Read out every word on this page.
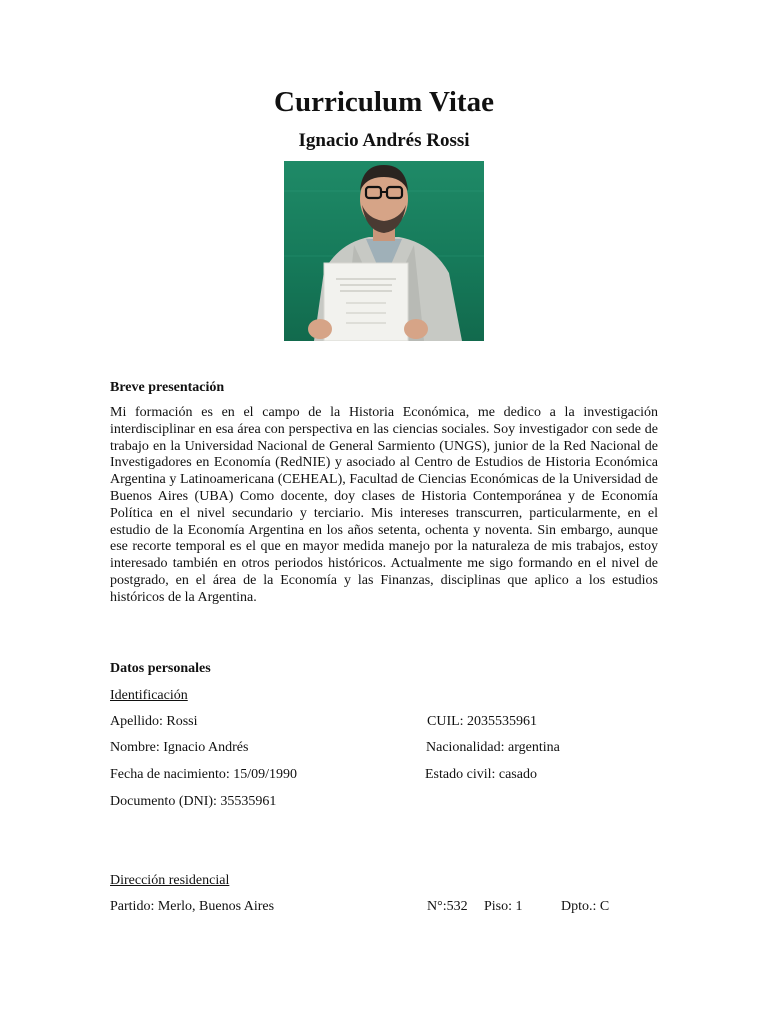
Curriculum Vitae
Ignacio Andrés Rossi
Breve presentación

Mi formación es en el campo de la Historia Económica, me dedico a la investigación interdisciplinar en esa área con perspectiva en las ciencias sociales. Soy investigador con sede de trabajo en la Universidad Nacional de General Sarmiento (UNGS), junior de la Red Nacional de Investigadores en Economía (RedNIE) y asociado al Centro de Estudios de Historia Económica Argentina y Latinoamericana (CEHEAL), Facultad de Ciencias Económicas de la Universidad de Buenos Aires (UBA) Como docente, doy clases de Historia Contemporánea y de Economía Política en el nivel secundario y terciario. Mis intereses transcurren, particularmente, en el estudio de la Economía Argentina en los años setenta, ochenta y noventa. Sin embargo, aunque ese recorte temporal es el que en mayor medida manejo por la naturaleza de mis trabajos, estoy interesado también en otros periodos históricos. Actualmente me sigo formando en el nivel de postgrado, en el área de la Economía y las Finanzas, disciplinas que aplico a los estudios históricos de la Argentina.

Datos personales
Identificación
Apellido: Rossi	CUIL: 2035535961
Nombre: Ignacio Andrés	Nacionalidad: argentina
Fecha de nacimiento: 15/09/1990	Estado civil: casado
Documento (DNI): 35535961
Dirección residencial
Partido: Merlo, Buenos Aires	N°:532 Piso: 1	Dpto.: C
